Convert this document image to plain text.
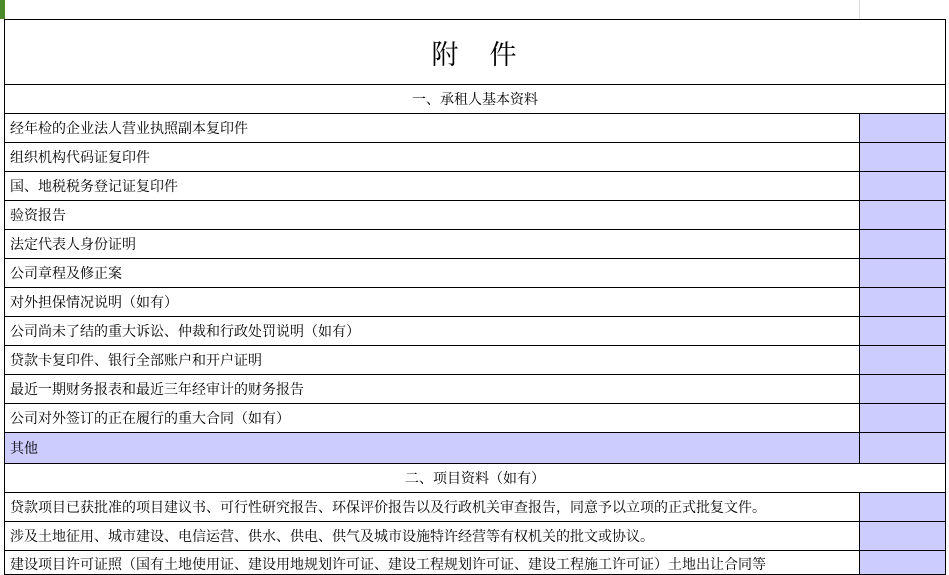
附　件	
一、承租人基本资料	
经年检的企业法人营业执照副本复印件	
组织机构代码证复印件	
国、地税税务登记证复印件	
验资报告	
法定代表人身份证明	
公司章程及修正案	
对外担保情况说明（如有）	
公司尚未了结的重大诉讼、仲裁和行政处罚说明（如有）	
贷款卡复印件、银行全部账户和开户证明	
最近一期财务报表和最近三年经审计的财务报告	
公司对外签订的正在履行的重大合同（如有）	
其他	
二、项目资料（如有）	
贷款项目已获批准的项目建议书、可行性研究报告、环保评价报告以及行政机关审查报告，同意予以立项的正式批复文件。	
涉及土地征用、城市建设、电信运营、供水、供电、供气及城市设施特许经营等有权机关的批文或协议。	
建设项目许可证照（国有土地使用证、建设用地规划许可证、建设工程规划许可证、建设工程施工许可证）土地出让合同等	
